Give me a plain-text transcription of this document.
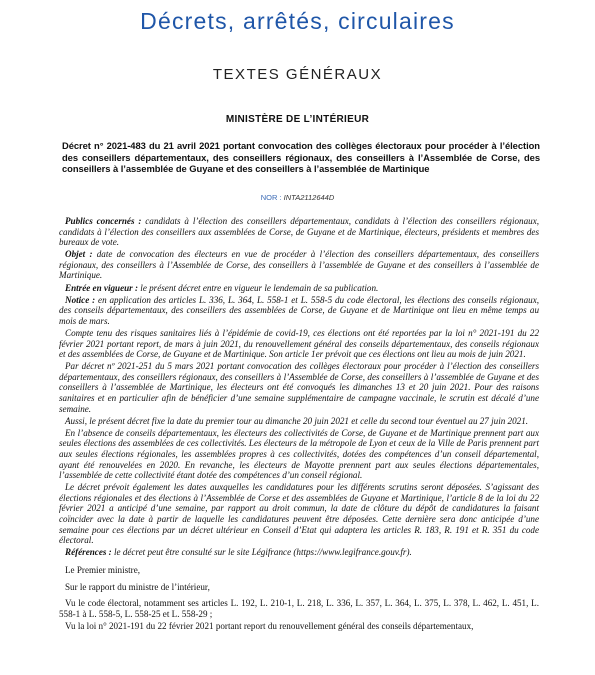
Décrets, arrêtés, circulaires
TEXTES GÉNÉRAUX
MINISTÈRE DE L’INTÉRIEUR

Décret n° 2021-483 du 21 avril 2021 portant convocation des collèges électoraux pour procéder à l’élection des conseillers départementaux, des conseillers régionaux, des conseillers à l’Assemblée de Corse, des conseillers à l’assemblée de Guyane et des conseillers à l’assemblée de Martinique

NOR : INTA2112644D

Publics concernés : candidats à l’élection des conseillers départementaux, candidats à l’élection des conseillers régionaux, candidats à l’élection des conseillers aux assemblées de Corse, de Guyane et de Martinique, électeurs, présidents et membres des bureaux de vote.

Objet : date de convocation des électeurs en vue de procéder à l’élection des conseillers départementaux, des conseillers régionaux, des conseillers à l’Assemblée de Corse, des conseillers à l’assemblée de Guyane et des conseillers à l’assemblée de Martinique.

Entrée en vigueur : le présent décret entre en vigueur le lendemain de sa publication.

Notice : en application des articles L. 336, L. 364, L. 558-1 et L. 558-5 du code électoral, les élections des conseils régionaux, des conseils départementaux, des conseillers des assemblées de Corse, de Guyane et de Martinique ont lieu en même temps au mois de mars.

Compte tenu des risques sanitaires liés à l’épidémie de covid-19, ces élections ont été reportées par la loi n° 2021-191 du 22 février 2021 portant report, de mars à juin 2021, du renouvellement général des conseils départementaux, des conseils régionaux et des assemblées de Corse, de Guyane et de Martinique. Son article 1er prévoit que ces élections ont lieu au mois de juin 2021.

Par décret nº 2021-251 du 5 mars 2021 portant convocation des collèges électoraux pour procéder à l’élection des conseillers départementaux, des conseillers régionaux, des conseillers à l’Assemblée de Corse, des conseillers à l’assemblée de Guyane et des conseillers à l’assemblée de Martinique, les électeurs ont été convoqués les dimanches 13 et 20 juin 2021. Pour des raisons sanitaires et en particulier afin de bénéficier d’une semaine supplémentaire de campagne vaccinale, le scrutin est décalé d’une semaine.

Aussi, le présent décret fixe la date du premier tour au dimanche 20 juin 2021 et celle du second tour éventuel au 27 juin 2021.

En l’absence de conseils départementaux, les électeurs des collectivités de Corse, de Guyane et de Martinique prennent part aux seules élections des assemblées de ces collectivités. Les électeurs de la métropole de Lyon et ceux de la Ville de Paris prennent part aux seules élections régionales, les assemblées propres à ces collectivités, dotées des compétences d’un conseil départemental, ayant été renouvelées en 2020. En revanche, les électeurs de Mayotte prennent part aux seules élections départementales, l’assemblée de cette collectivité étant dotée des compétences d’un conseil régional.

Le décret prévoit également les dates auxquelles les candidatures pour les différents scrutins seront déposées. S’agissant des élections régionales et des élections à l’Assemblée de Corse et des assemblées de Guyane et Martinique, l’article 8 de la loi du 22 février 2021 a anticipé d’une semaine, par rapport au droit commun, la date de clôture du dépôt de candidatures la faisant coïncider avec la date à partir de laquelle les candidatures peuvent être déposées. Cette dernière sera donc anticipée d’une semaine pour ces élections par un décret ultérieur en Conseil d’Etat qui adaptera les articles R. 183, R. 191 et R. 351 du code électoral.

Références : le décret peut être consulté sur le site Légifrance (https://www.legifrance.gouv.fr).

Le Premier ministre,

Sur le rapport du ministre de l’intérieur,

Vu le code électoral, notamment ses articles L. 192, L. 210-1, L. 218, L. 336, L. 357, L. 364, L. 375, L. 378, L. 462, L. 451, L. 558-1 à L. 558-5, L. 558-25 et L. 558-29 ;

Vu la loi n° 2021-191 du 22 février 2021 portant report du renouvellement général des conseils départementaux,
